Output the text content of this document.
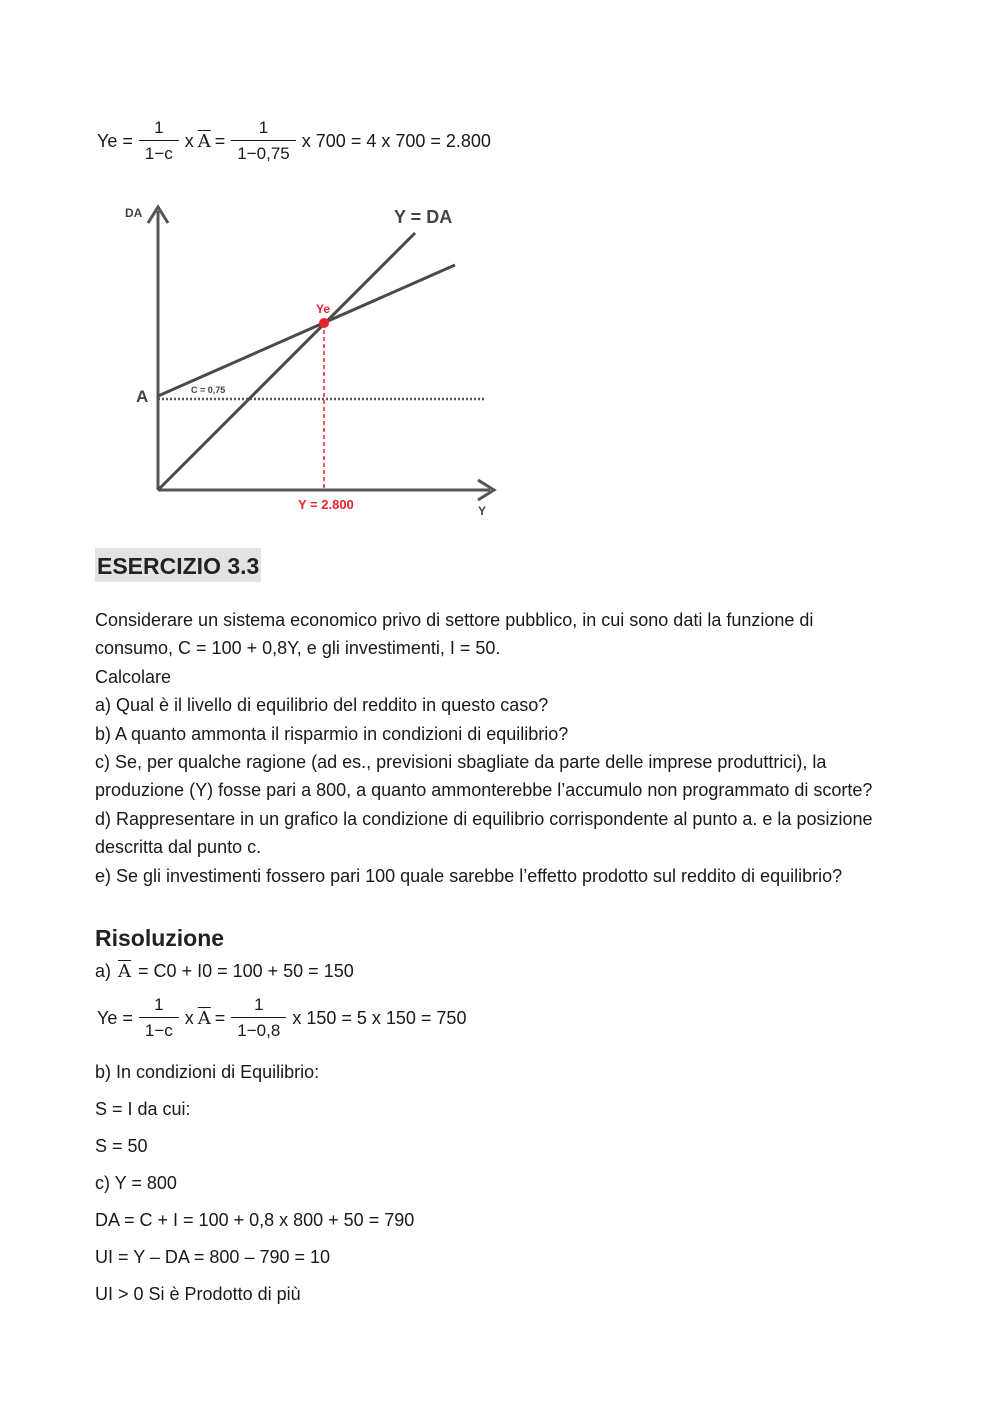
$Ye = \frac{1}{1-c}$ x $\overline{A} = \frac{1}{1-0,75}$ x 700 = 4 x 700 = 2.800
DA
Y
Y = DA
Ye
A	C = 0,75
Y = 2.800
ESERCIZIO 3.3
Considerare un sistema economico privo di settore pubblico, in cui sono dati la funzione di
consumo, C = 100 + 0,8Y, e gli investimenti, I = 50.
Calcolare
a) Qual è il livello di equilibrio del reddito in questo caso?
b) A quanto ammonta il risparmio in condizioni di equilibrio?
c) Se, per qualche ragione (ad es., previsioni sbagliate da parte delle imprese produttrici), la
produzione (Y) fosse pari a 800, a quanto ammonterebbe l’accumulo non programmato di scorte?
d) Rappresentare in un grafico la condizione di equilibrio corrispondente al punto a. e la posizione
descritta dal punto c.
e) Se gli investimenti fossero pari 100 quale sarebbe l’effetto prodotto sul reddito di equilibrio?
Risoluzione
a) $\overline{A} = C0 + I0 = 100 + 50 = 150$
$Ye = \frac{1}{1-c}$ x $\overline{A} = \frac{1}{1-0,8}$ x 150 = 5 x 150 = 750
b) In condizioni di Equilibrio:
S = I da cui:
S = 50
c) Y = 800
DA = C + I = 100 + 0,8 x 800 + 50 = 790
UI = Y – DA = 800 – 790 = 10
UI > 0 Si è Prodotto di più
